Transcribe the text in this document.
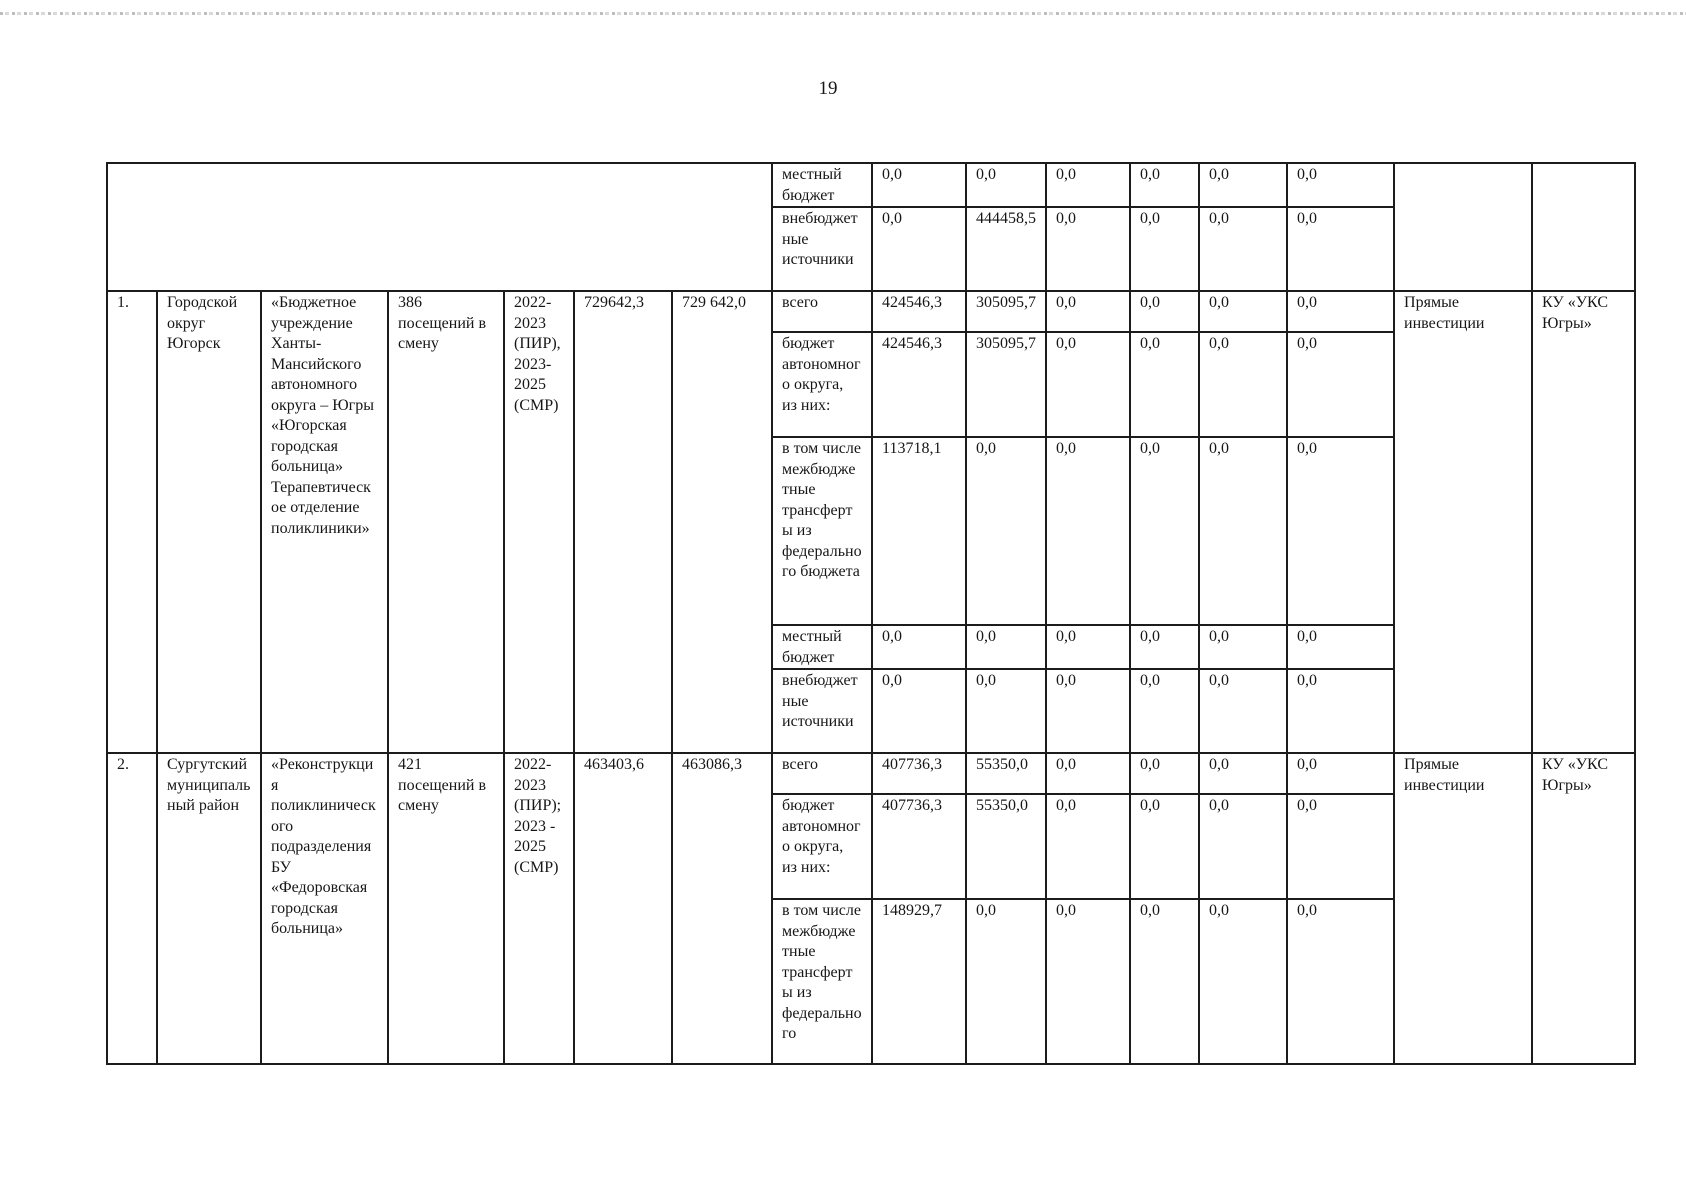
19
							местный бюджет	0,0	0,0	0,0	0,0	0,0	0,0		
							внебюджетные источники	0,0	444458,5	0,0	0,0	0,0	0,0		
1.	Городской округ Югорск	«Бюджетное учреждение Ханты-Мансийского автономного округа – Югры «Югорская городская больница» Терапевтическое отделение поликлиники»	386 посещений в смену	2022-2023 (ПИР), 2023-2025 (СМР)	729642,3	729 642,0	всего	424546,3	305095,7	0,0	0,0	0,0	0,0	Прямые инвестиции	КУ «УКС Югры»
							бюджет автономного округа, из них:	424546,3	305095,7	0,0	0,0	0,0	0,0		
							в том числе межбюджетные трансферты из федерального бюджета	113718,1	0,0	0,0	0,0	0,0	0,0		
							местный бюджет	0,0	0,0	0,0	0,0	0,0	0,0		
							внебюджетные источники	0,0	0,0	0,0	0,0	0,0	0,0		
2.	Сургутский муниципальный район	«Реконструкция поликлинического подразделения БУ «Федоровская городская больница»	421 посещений в смену	2022-2023 (ПИР); 2023 - 2025 (СМР)	463403,6	463086,3	всего	407736,3	55350,0	0,0	0,0	0,0	0,0	Прямые инвестиции	КУ «УКС Югры»
							бюджет автономного округа, из них:	407736,3	55350,0	0,0	0,0	0,0	0,0		
							в том числе межбюджетные трансферты из федерального	148929,7	0,0	0,0	0,0	0,0	0,0		
